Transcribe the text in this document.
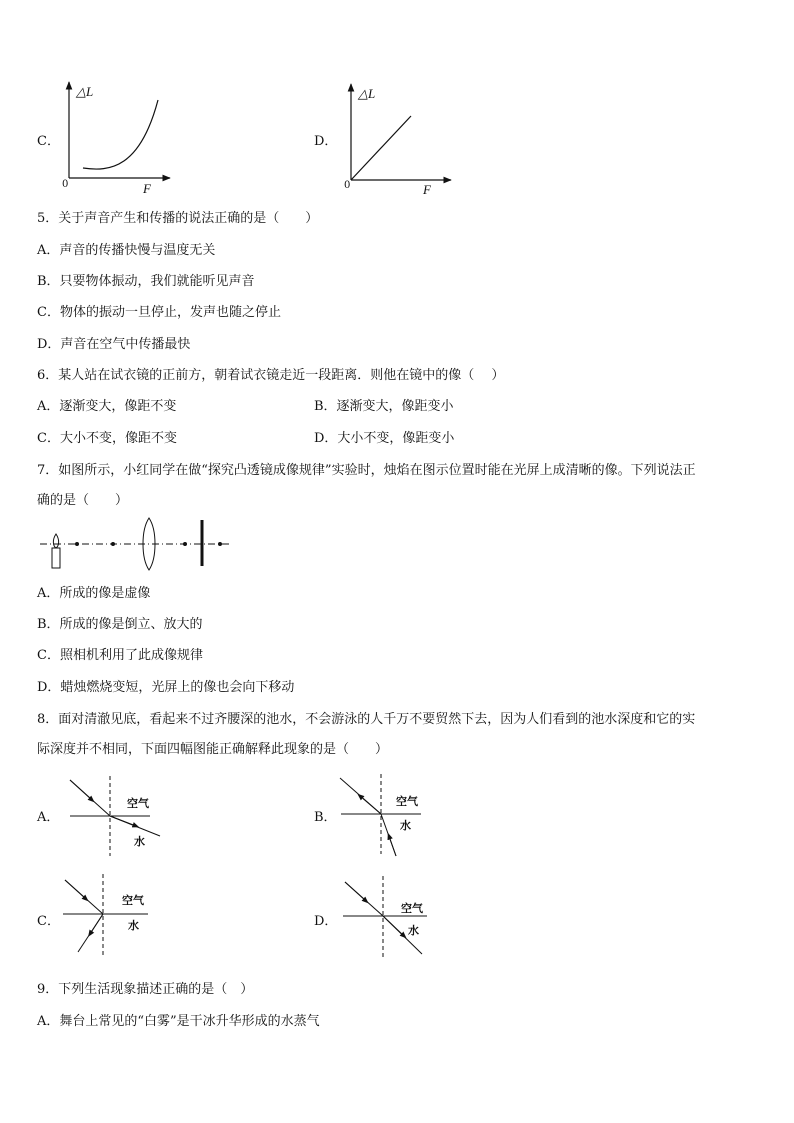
C．
△L
0	F
D．
△L
0	F
5．关于声音产生和传播的说法正确的是（　　）
A．声音的传播快慢与温度无关
B．只要物体振动，我们就能听见声音
C．物体的振动一旦停止，发声也随之停止
D．声音在空气中传播最快
6．某人站在试衣镜的正前方，朝着试衣镜走近一段距离．则他在镜中的像（　 ）
A．逐渐变大，像距不变	B．逐渐变大，像距变小
C．大小不变，像距不变	D．大小不变，像距变小
7．如图所示，小红同学在做“探究凸透镜成像规律”实验时，烛焰在图示位置时能在光屏上成清晰的像。下列说法正
确的是（　　）
A．所成的像是虚像
B．所成的像是倒立、放大的
C．照相机利用了此成像规律
D．蜡烛燃烧变短，光屏上的像也会向下移动
8．面对清澈见底，看起来不过齐腰深的池水，不会游泳的人千万不要贸然下去，因为人们看到的池水深度和它的实
际深度并不相同，下面四幅图能正确解释此现象的是（　　）
A．
空气
水
B．
空气
水
C．
空气
水	D．
空气
水
9．下列生活现象描述正确的是（　）
A．舞台上常见的“白雾”是干冰升华形成的水蒸气
